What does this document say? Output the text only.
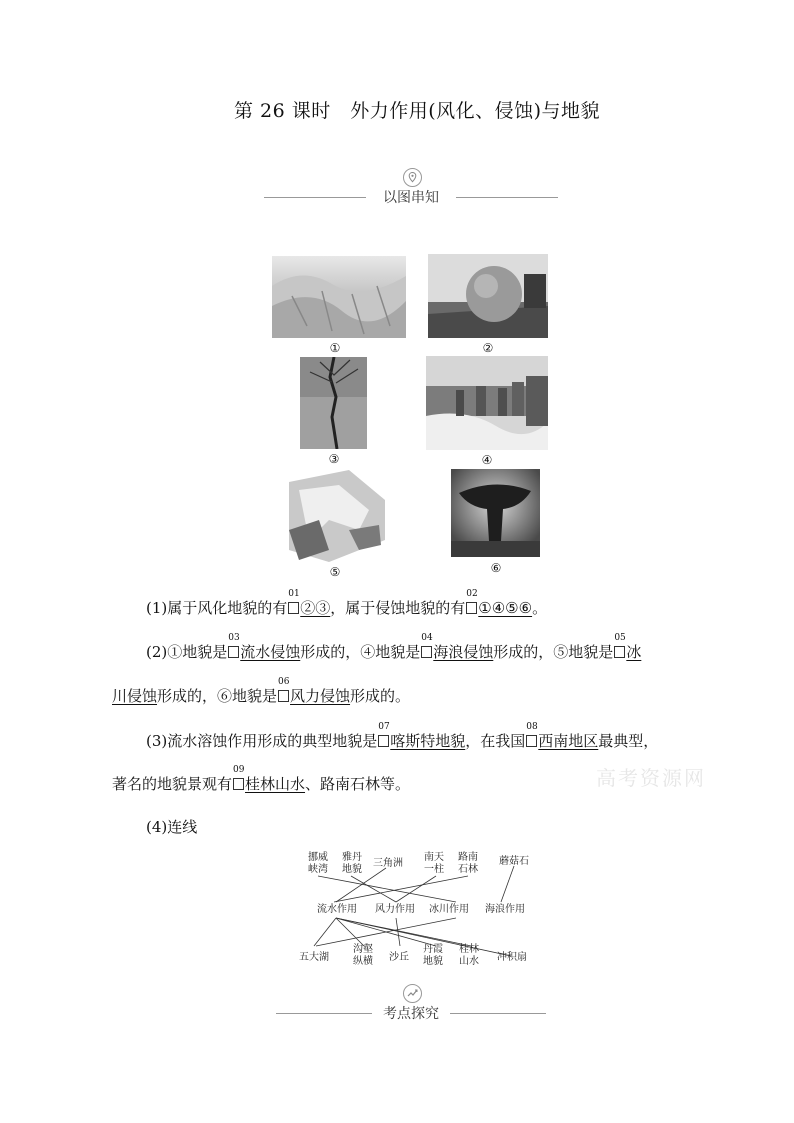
第 26 课时　外力作用(风化、侵蚀)与地貌
以图串知
①	②
③	④
⑤	⑥
(1)属于风化地貌的有
01
②③，属于侵蚀地貌的有
02
①④⑤⑥。
(2)①地貌是
03
流水侵蚀形成的，④地貌是
04
海浪侵蚀形成的，⑤地貌是
05
冰
川侵蚀形成的，⑥地貌是
06
风力侵蚀形成的。
(3)流水溶蚀作用形成的典型地貌是
07
喀斯特地貌，在我国
08
西南地区最典型，
著名的地貌景观有
09
桂林山水、路南石林等。	高考资源网
(4)连线
挪威
峡湾
雅丹
地貌
三角洲
南天
一柱
路南
石林
蘑菇石
流水作用	风力作用	冰川作用	海浪作用
五大湖
沟壑
纵横	沙丘
丹霞
地貌
桂林
山水	冲积扇
考点探究
